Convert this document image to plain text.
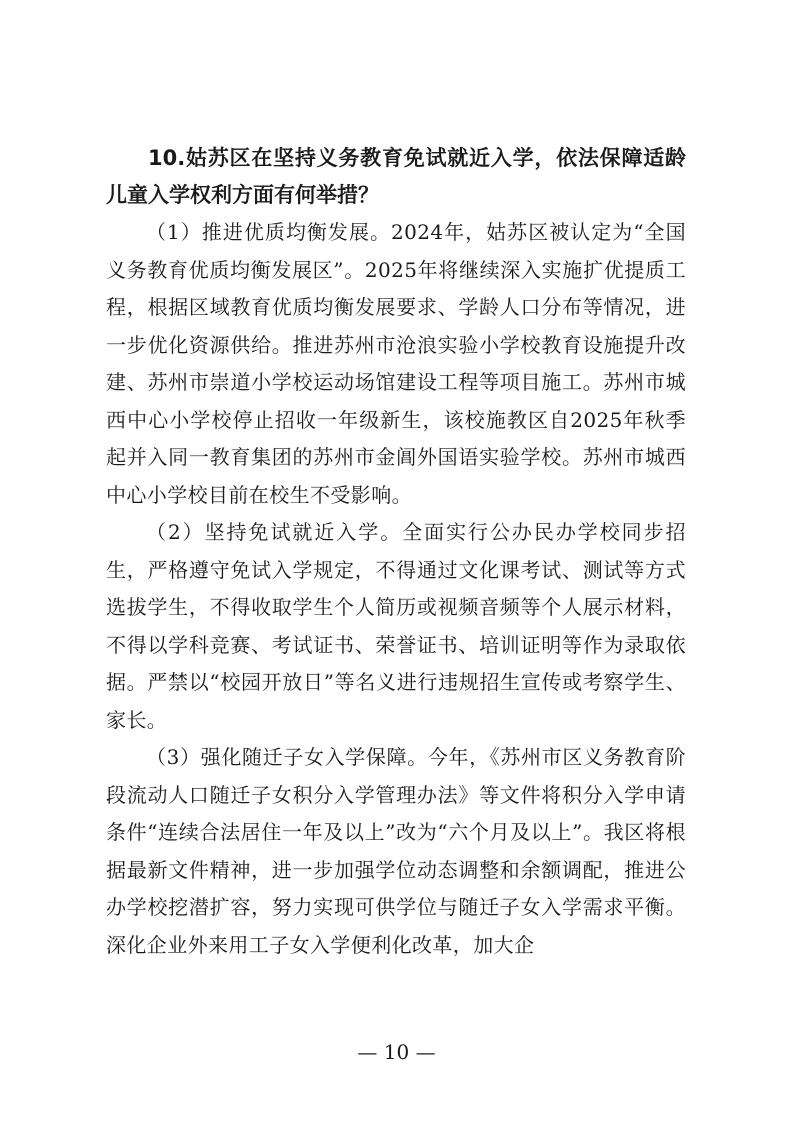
10.姑苏区在坚持义务教育免试就近入学，依法保障适龄儿童入学权利方面有何举措？

（1）推进优质均衡发展。2024年，姑苏区被认定为“全国义务教育优质均衡发展区”。2025年将继续深入实施扩优提质工程，根据区域教育优质均衡发展要求、学龄人口分布等情况，进一步优化资源供给。推进苏州市沧浪实验小学校教育设施提升改建、苏州市崇道小学校运动场馆建设工程等项目施工。苏州市城西中心小学校停止招收一年级新生，该校施教区自2025年秋季起并入同一教育集团的苏州市金阊外国语实验学校。苏州市城西中心小学校目前在校生不受影响。

（2）坚持免试就近入学。全面实行公办民办学校同步招生，严格遵守免试入学规定，不得通过文化课考试、测试等方式选拔学生，不得收取学生个人简历或视频音频等个人展示材料，不得以学科竞赛、考试证书、荣誉证书、培训证明等作为录取依据。严禁以“校园开放日”等名义进行违规招生宣传或考察学生、家长。

（3）强化随迁子女入学保障。今年，《苏州市区义务教育阶段流动人口随迁子女积分入学管理办法》等文件将积分入学申请条件“连续合法居住一年及以上”改为“六个月及以上”。我区将根据最新文件精神，进一步加强学位动态调整和余额调配，推进公办学校挖潜扩容，努力实现可供学位与随迁子女入学需求平衡。深化企业外来用工子女入学便利化改革，加大企

— 10 —
